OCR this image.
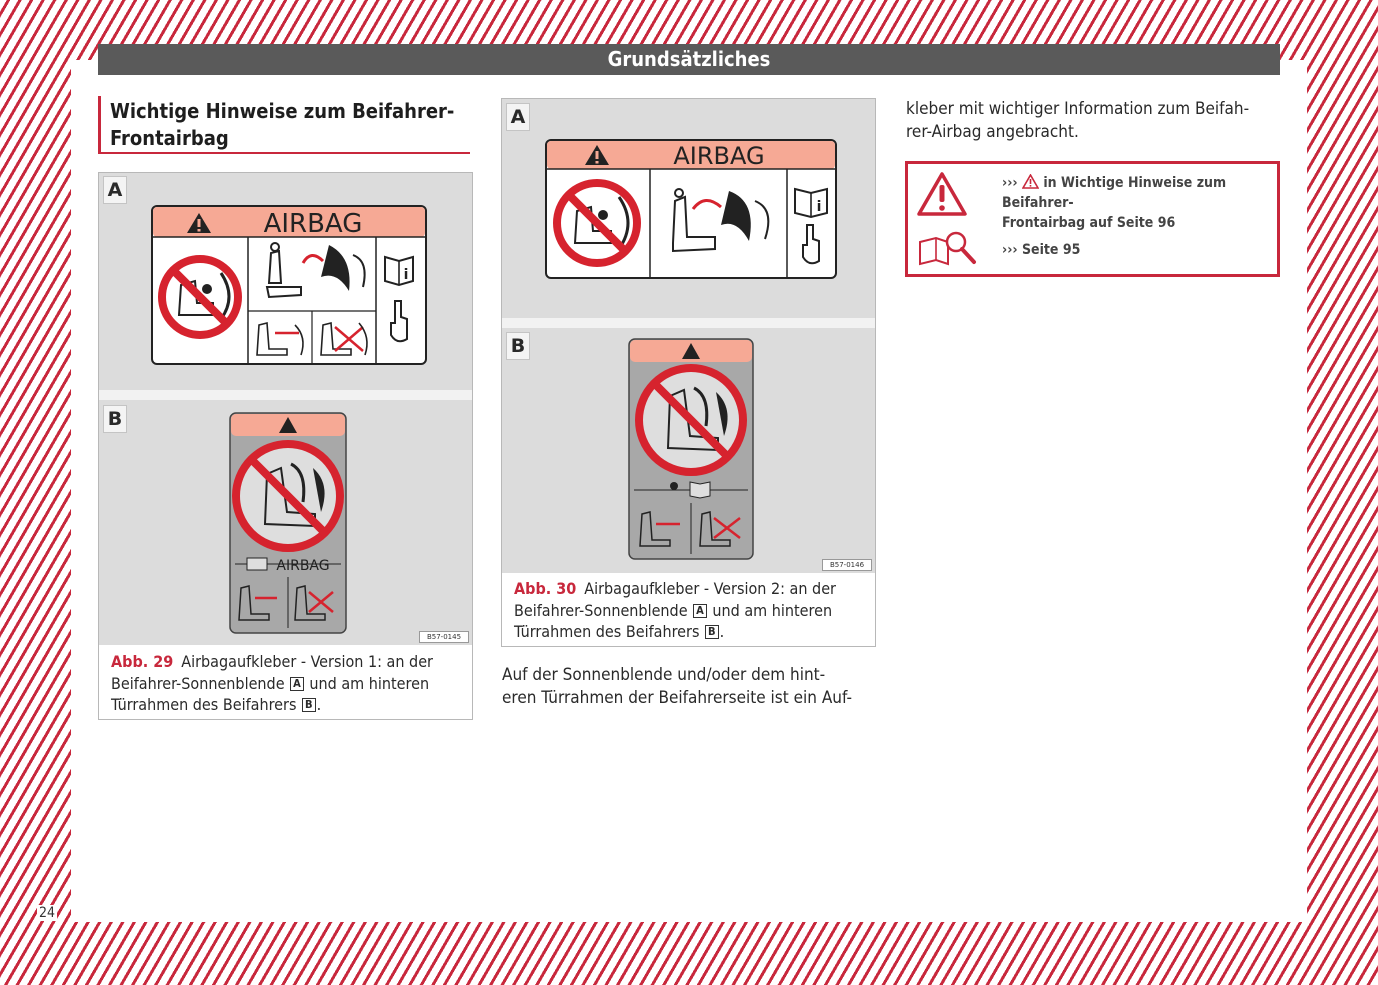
Grundsätzliches
Wichtige Hinweise zum Beifahrer-
Frontairbag
A
AIRBAG
i
B
AIRBAG
B57-0145
Abb. 29 Airbagaufkleber - Version 1: an der
Beifahrer-Sonnenblende A und am hinteren
Türrahmen des Beifahrers B .
A
AIRBAG
i
B
B57-0146
Abb. 30 Airbagaufkleber - Version 2: an der
Beifahrer-Sonnenblende A und am hinteren
Türrahmen des Beifahrers B .
Auf der Sonnenblende und/oder dem hint-
eren Türrahmen der Beifahrerseite ist ein Auf-
kleber mit wichtiger Information zum Beifah-
rer-Airbag angebracht.
››› in Wichtige Hinweise zum Beifahrer-
Frontairbag auf Seite 96
››› Seite 95
24
